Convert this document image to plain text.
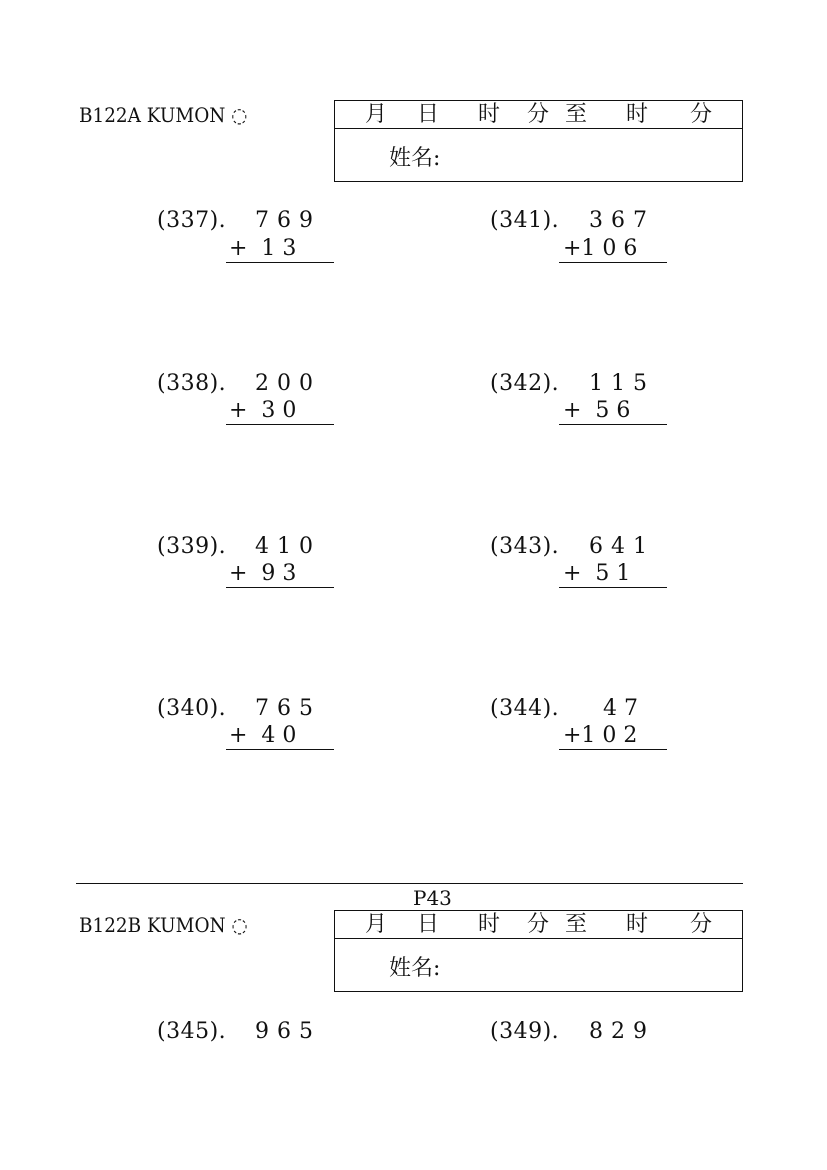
B122A KUMON ◌	月 日 时 分 至 时 分
姓名:
(337). 7 6 9
+  1 3
(341). 3 6 7
+1 0 6
(338). 2 0 0
+  3 0
(342). 1 1 5
+  5 6
(339). 4 1 0
+  9 3
(343). 6 4 1
+  5 1
(340). 7 6 5
+  4 0
(344). 4 7
+1 0 2
P43
B122B KUMON ◌	月 日 时 分 至 时 分
姓名:
(345). 9 6 5	(349). 8 2 9
